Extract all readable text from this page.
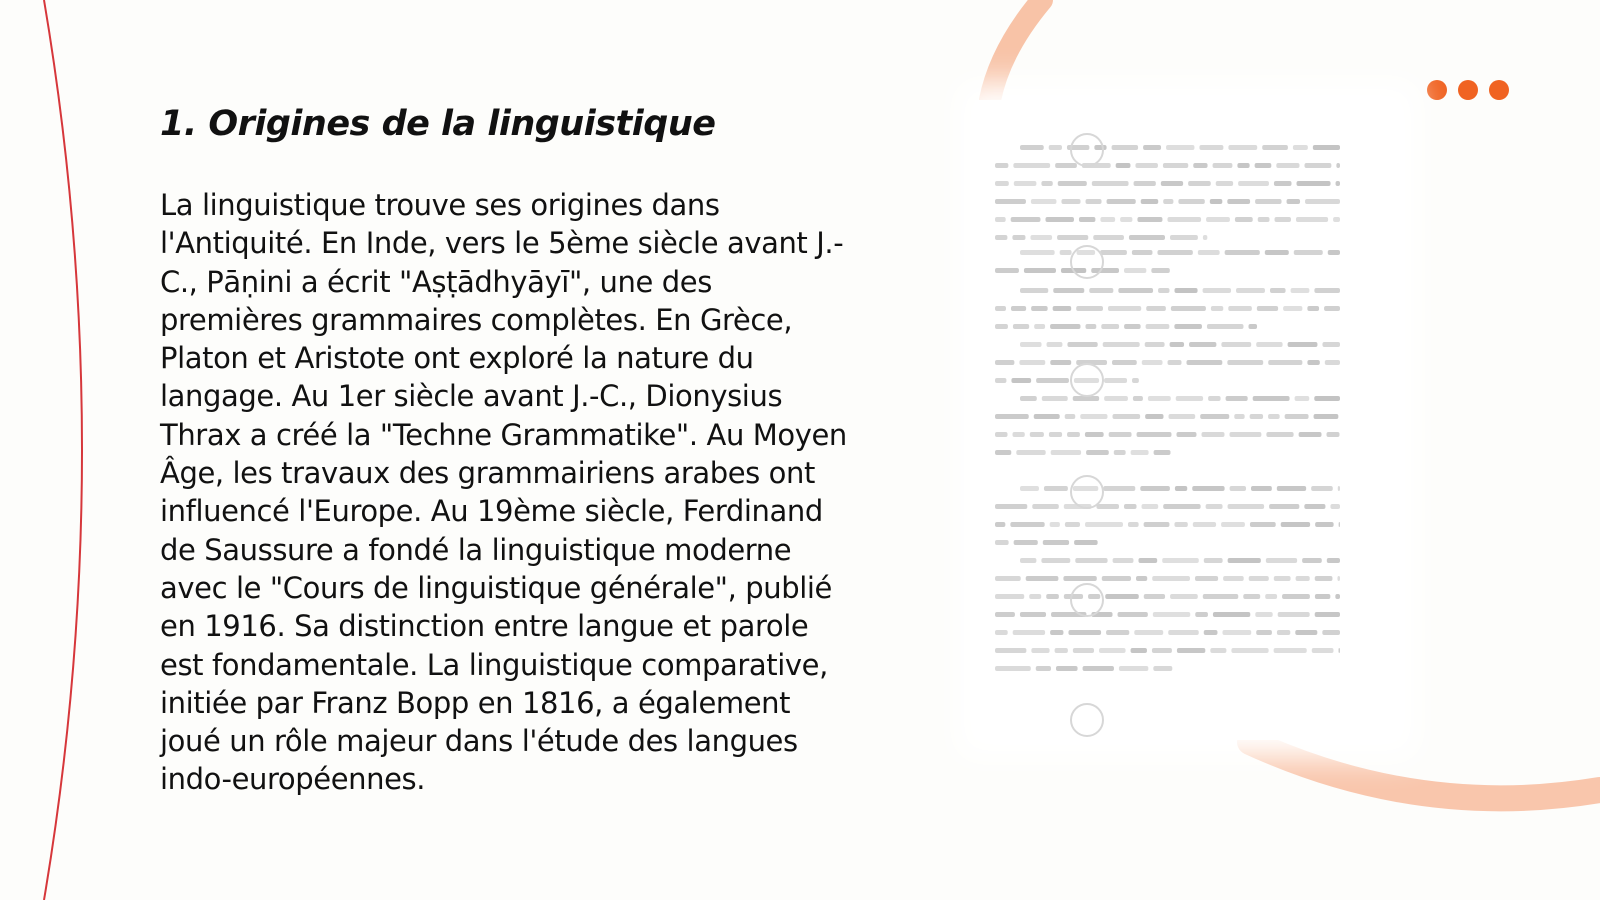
1. Origines de la linguistique

La linguistique trouve ses origines dans l'Antiquité. En Inde, vers le 5ème siècle avant J.-C., Pāṇini a écrit "Aṣṭādhyāyī", une des premières grammaires complètes. En Grèce, Platon et Aristote ont exploré la nature du langage. Au 1er siècle avant J.-C., Dionysius Thrax a créé la "Techne Grammatike". Au Moyen Âge, les travaux des grammairiens arabes ont influencé l'Europe. Au 19ème siècle, Ferdinand de Saussure a fondé la linguistique moderne avec le "Cours de linguistique générale", publié en 1916. Sa distinction entre langue et parole est fondamentale. La linguistique comparative, initiée par Franz Bopp en 1816, a également joué un rôle majeur dans l'étude des langues indo-européennes.
